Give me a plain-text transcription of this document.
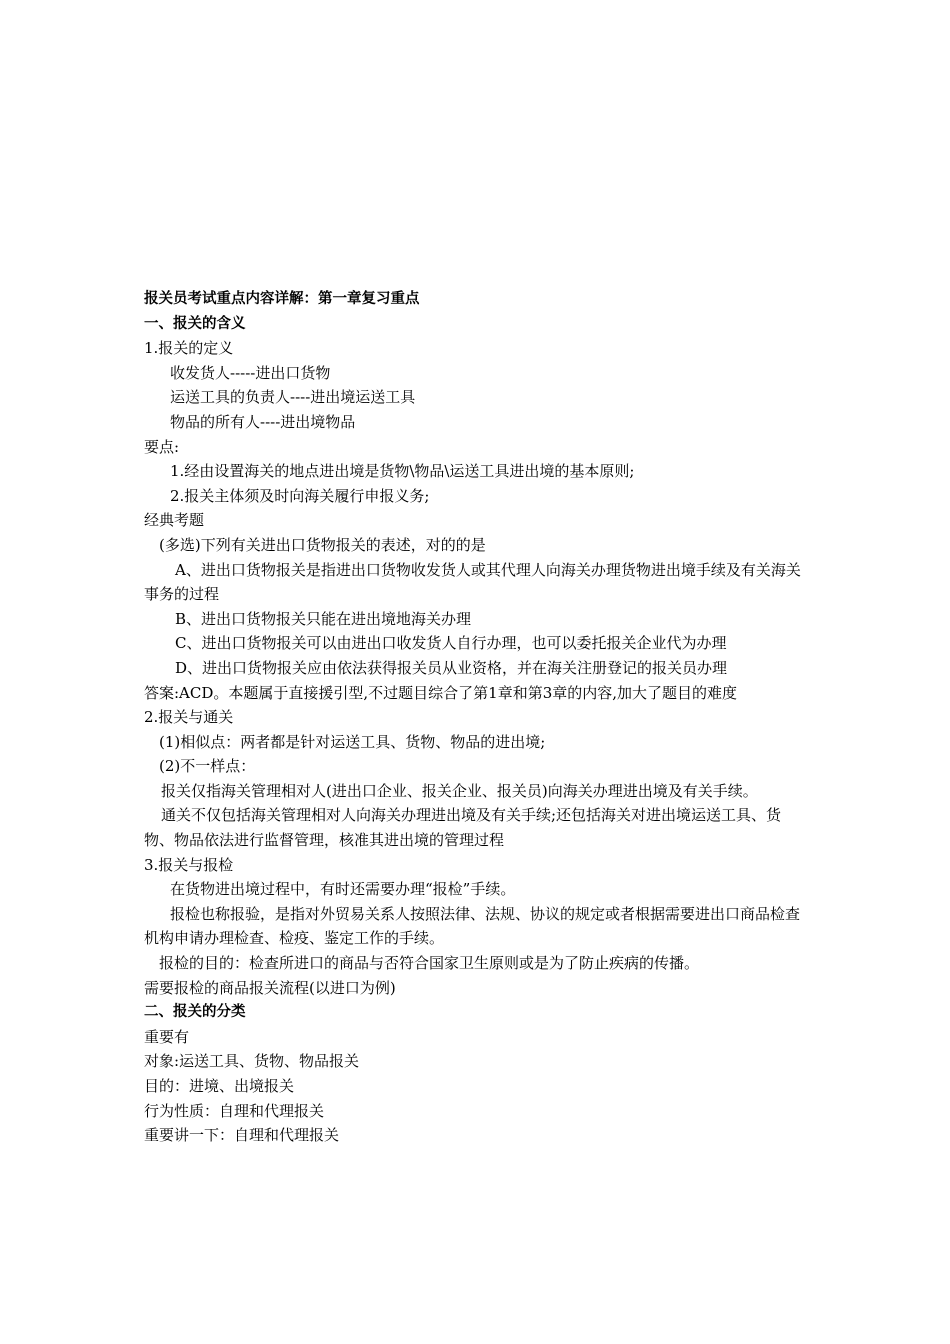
报关员考试重点内容详解：第一章复习重点
一、报关的含义
1.报关的定义
收发货人-----进出口货物
运送工具的负责人----进出境运送工具
物品的所有人----进出境物品
要点:
1.经由设置海关的地点进出境是货物\物品\运送工具进出境的基本原则;
2.报关主体须及时向海关履行申报义务;
经典考题
(多选)下列有关进出口货物报关的表述，对的的是
A、进出口货物报关是指进出口货物收发货人或其代理人向海关办理货物进出境手续及有关海关事务的过程
B、进出口货物报关只能在进出境地海关办理
C、进出口货物报关可以由进出口收发货人自行办理，也可以委托报关企业代为办理
D、进出口货物报关应由依法获得报关员从业资格，并在海关注册登记的报关员办理
答案:ACD。本题属于直接援引型,不过题目综合了第1章和第3章的内容,加大了题目的难度
2.报关与通关
(1)相似点：两者都是针对运送工具、货物、物品的进出境;
(2)不一样点：
报关仅指海关管理相对人(进出口企业、报关企业、报关员)向海关办理进出境及有关手续。
通关不仅包括海关管理相对人向海关办理进出境及有关手续;还包括海关对进出境运送工具、货物、物品依法进行监督管理，核准其进出境的管理过程
3.报关与报检
在货物进出境过程中，有时还需要办理“报检”手续。
报检也称报验，是指对外贸易关系人按照法律、法规、协议的规定或者根据需要进出口商品检查机构申请办理检查、检疫、鉴定工作的手续。
报检的目的：检查所进口的商品与否符合国家卫生原则或是为了防止疾病的传播。
需要报检的商品报关流程(以进口为例)
二、报关的分类
重要有
对象:运送工具、货物、物品报关
目的：进境、出境报关
行为性质：自理和代理报关
重要讲一下：自理和代理报关
